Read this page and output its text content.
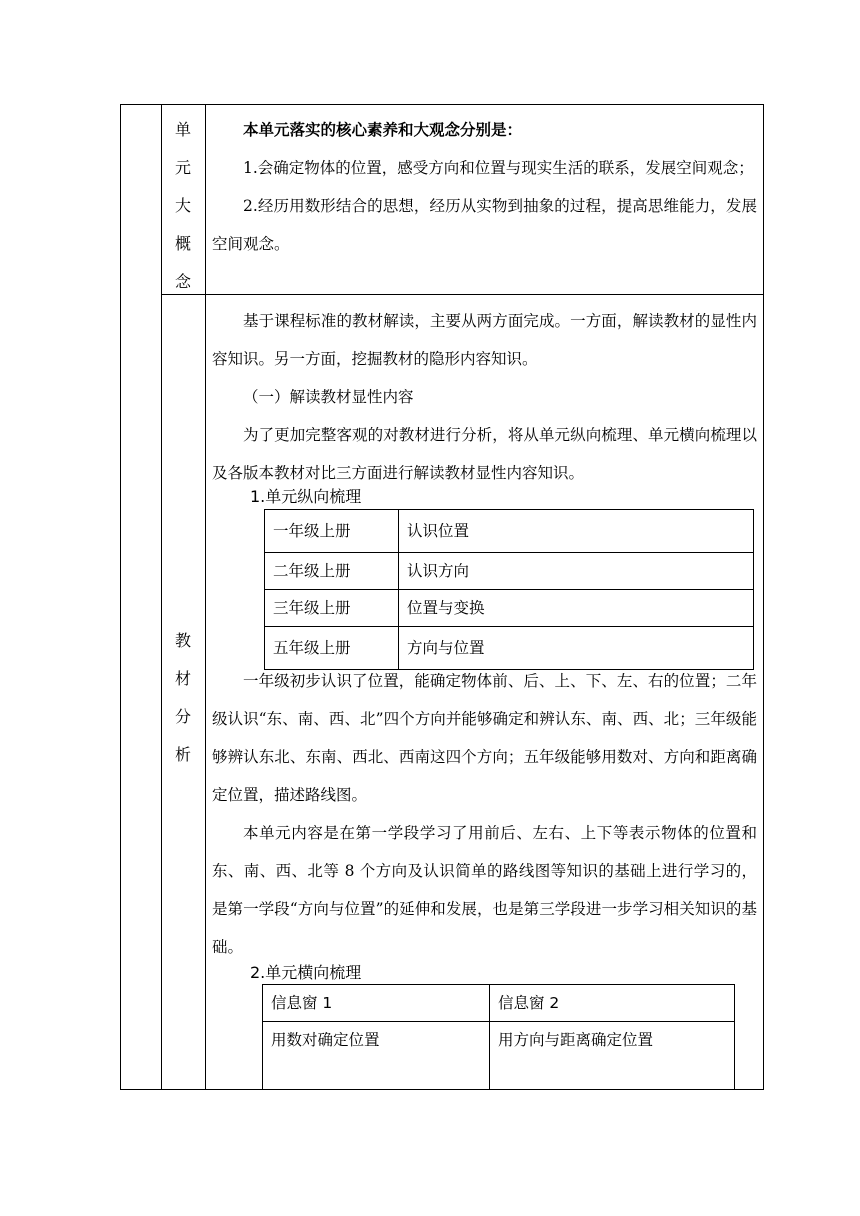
单
元
大
概
念

本单元落实的核心素养和大观念分别是：

1.会确定物体的位置，感受方向和位置与现实生活的联系，发展空间观念；

2.经历用数形结合的思想，经历从实物到抽象的过程，提高思维能力，发展空间观念。

教
材
分
析

基于课程标准的教材解读，主要从两方面完成。一方面，解读教材的显性内容知识。另一方面，挖掘教材的隐形内容知识。

（一）解读教材显性内容

为了更加完整客观的对教材进行分析，将从单元纵向梳理、单元横向梳理以及各版本教材对比三方面进行解读教材显性内容知识。

1.单元纵向梳理
一年级上册	认识位置
二年级上册	认识方向
三年级上册	位置与变换
五年级上册	方向与位置

一年级初步认识了位置，能确定物体前、后、上、下、左、右的位置；二年级认识“东、南、西、北”四个方向并能够确定和辨认东、南、西、北；三年级能够辨认东北、东南、西北、西南这四个方向；五年级能够用数对、方向和距离确定位置，描述路线图。

本单元内容是在第一学段学习了用前后、左右、上下等表示物体的位置和东、南、西、北等 8 个方向及认识简单的路线图等知识的基础上进行学习的，是第一学段“方向与位置”的延伸和发展，也是第三学段进一步学习相关知识的基础。

2.单元横向梳理
信息窗 1	信息窗 2
用数对确定位置	用方向与距离确定位置
